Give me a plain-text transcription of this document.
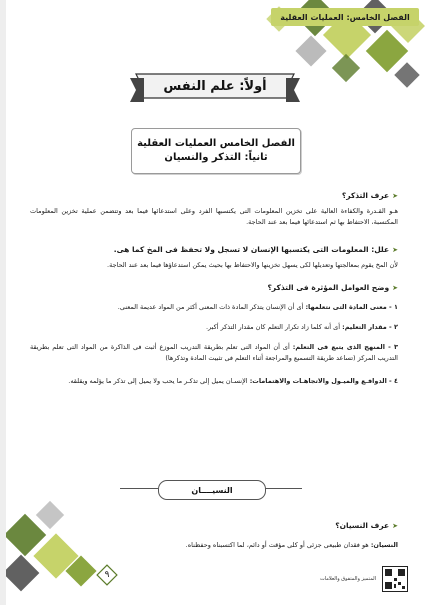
الفصل الخامس: العمليات العقلية
أولاً: علم النفس
الفصل الخامس العمليات العقلية
ثانياً: التذكر والنسيان
➤عرف التذكر؟
هـو القـدرة والكفاءة العالية على تخزين المعلومات التى يكتسبها الفرد وعلى استدعائها فيما بعد وتتضمن عملية تخزين المعلومات المكتسبة، الاحتفاظ بها ثم استدعائها فيما بعد عند الحاجة.
➤علل: المعلومات التى يكتسبها الإنسان لا تسجل ولا تحفظ فى المخ كما هى.
لأن المخ يقوم بمعالجتها وتعديلها لكى يسهل تخزينها والاحتفاظ بها بحيث يمكن استدعاؤها فيما بعد عند الحاجة.
➤وضح العوامل المؤثرة فى التذكر؟
١ - معنى المادة التى نتعلمها: أى أن الإنسان يتذكر المادة ذات المعنى أكثر من المواد عديمة المعنى.
٢ - مقدار التعليم: أى أنه كلما زاد تكرار التعلم كان مقدار التذكر أكبر.
٣ - المنهج الذى يتبع فى التعلم: أى أن المواد التى تعلم بطريقة التدريب الموزع أثبت فى الذاكرة من المواد التى تعلم بطريقة التدريب المركز (تساعد طريقة التسميع والمراجعة أثناء التعلم فى تثبيت المادة وتذكرها)
٤ - الدوافـع والميـول والاتجاهـات والاهتمامات: الإنسـان يميل إلى تذكـر ما يحب ولا يميل إلى تذكر ما يؤلمه ويقلقه.
النسيــــان
➤عرف النسيان؟
النسيان: هو فقدان طبيعى جزئى أو كلى مؤقت أو دائم، لما اكتسبناه وحفظناه.
٩	المتميز والمتفوق والعلامات
